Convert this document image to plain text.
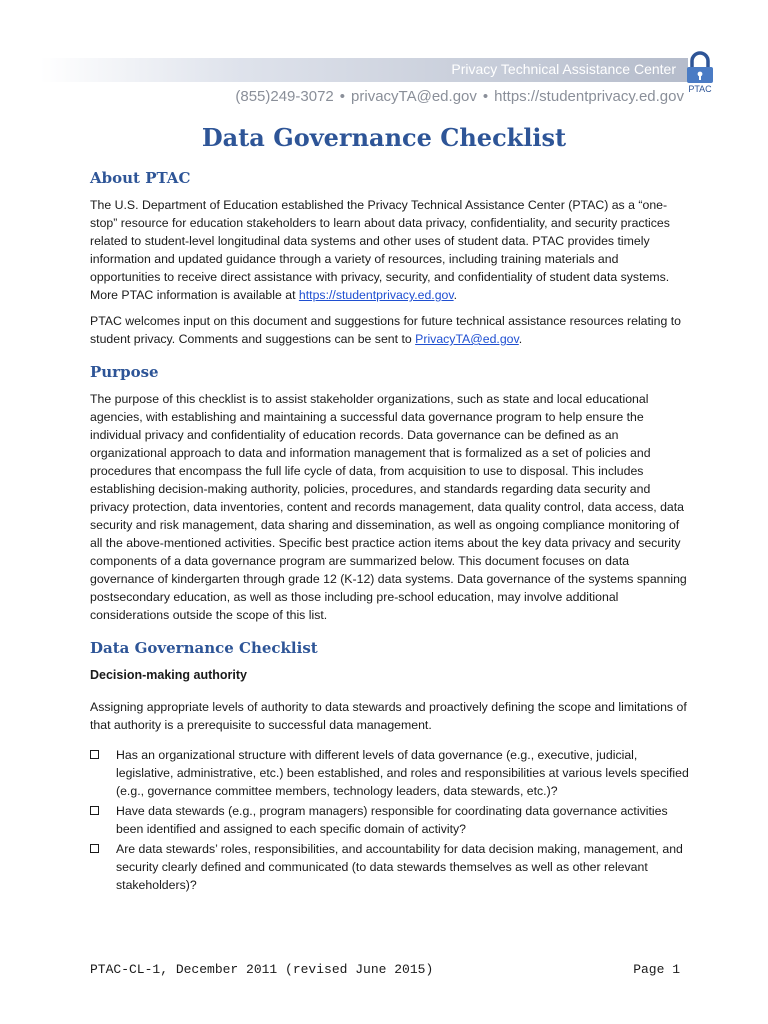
Privacy Technical Assistance Center
PTAC
(855)249-3072 • privacyTA@ed.gov • https://studentprivacy.ed.gov
Data Governance Checklist
About PTAC

The U.S. Department of Education established the Privacy Technical Assistance Center (PTAC) as a “one-stop” resource for education stakeholders to learn about data privacy, confidentiality, and security practices related to student-level longitudinal data systems and other uses of student data. PTAC provides timely information and updated guidance through a variety of resources, including training materials and opportunities to receive direct assistance with privacy, security, and confidentiality of student data systems. More PTAC information is available at https://studentprivacy.ed.gov.

PTAC welcomes input on this document and suggestions for future technical assistance resources relating to student privacy. Comments and suggestions can be sent to PrivacyTA@ed.gov.

Purpose

The purpose of this checklist is to assist stakeholder organizations, such as state and local educational agencies, with establishing and maintaining a successful data governance program to help ensure the individual privacy and confidentiality of education records. Data governance can be defined as an organizational approach to data and information management that is formalized as a set of policies and procedures that encompass the full life cycle of data, from acquisition to use to disposal. This includes establishing decision-making authority, policies, procedures, and standards regarding data security and privacy protection, data inventories, content and records management, data quality control, data access, data security and risk management, data sharing and dissemination, as well as ongoing compliance monitoring of all the above-mentioned activities. Specific best practice action items about the key data privacy and security components of a data governance program are summarized below. This document focuses on data governance of kindergarten through grade 12 (K-12) data systems. Data governance of the systems spanning postsecondary education, as well as those including pre-school education, may involve additional considerations outside the scope of this list.

Data Governance Checklist
Decision-making authority

Assigning appropriate levels of authority to data stewards and proactively defining the scope and limitations of that authority is a prerequisite to successful data management.

Has an organizational structure with different levels of data governance (e.g., executive, judicial, legislative, administrative, etc.) been established, and roles and responsibilities at various levels specified (e.g., governance committee members, technology leaders, data stewards, etc.)?
Have data stewards (e.g., program managers) responsible for coordinating data governance activities been identified and assigned to each specific domain of activity?
Are data stewards’ roles, responsibilities, and accountability for data decision making, management, and security clearly defined and communicated (to data stewards themselves as well as other relevant stakeholders)?
PTAC-CL-1, December 2011 (revised June 2015)	Page 1
